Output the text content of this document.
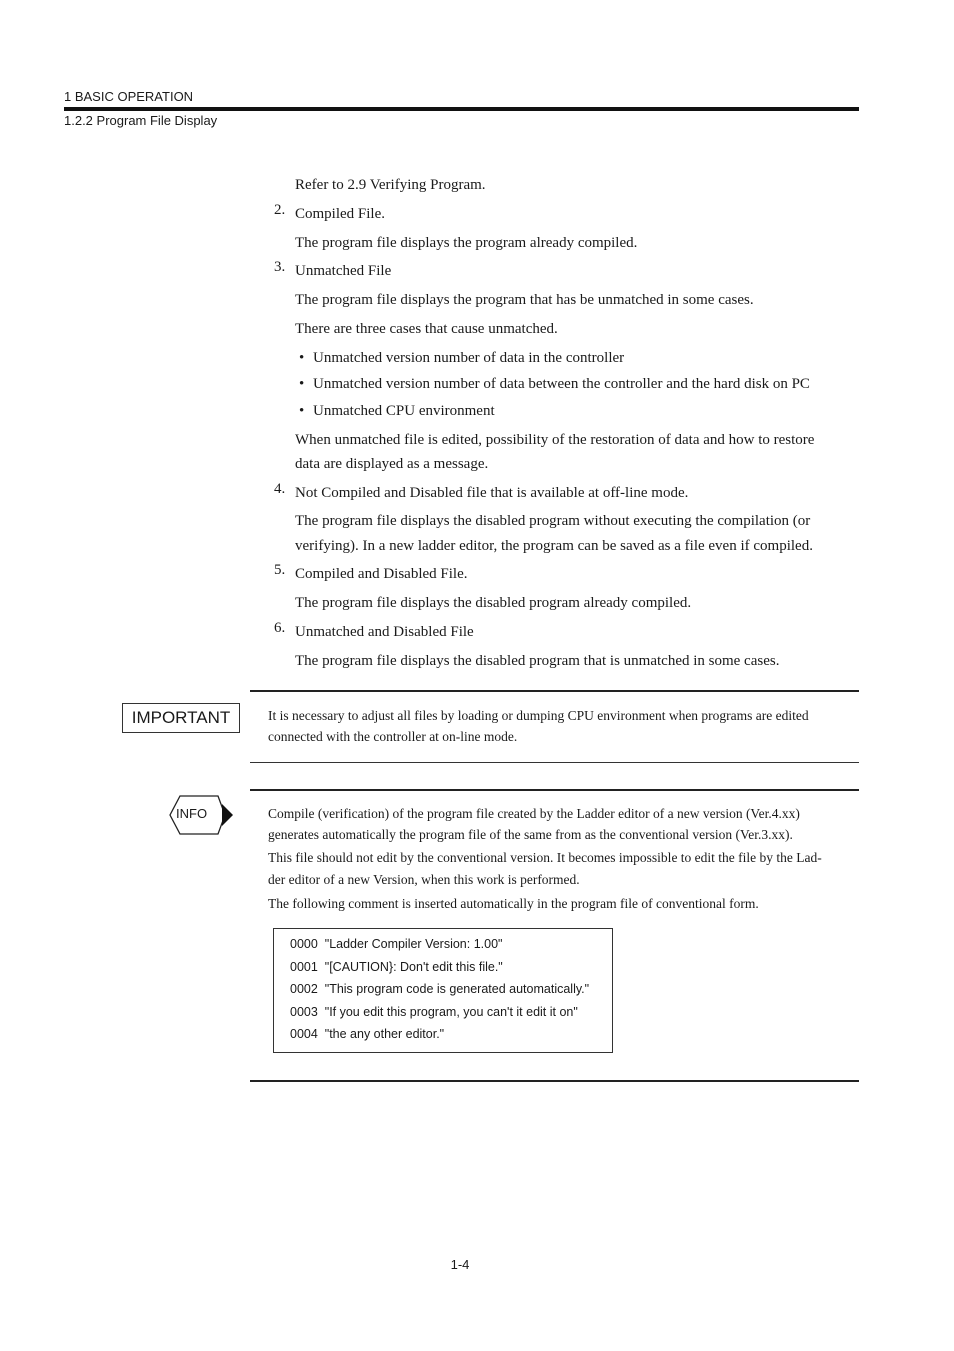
1 BASIC OPERATION
1.2.2 Program File Display
Refer to 2.9 Verifying Program.
2. Compiled File.
The program file displays the program already compiled.
3. Unmatched File
The program file displays the program that has be unmatched in some cases.
There are three cases that cause unmatched.
• Unmatched version number of data in the controller
• Unmatched version number of data between the controller and the hard disk on PC
• Unmatched CPU environment
When unmatched file is edited, possibility of the restoration of data and how to restore
data are displayed as a message.
4. Not Compiled and Disabled file that is available at off-line mode.
The program file displays the disabled program without executing the compilation (or
verifying). In a new ladder editor, the program can be saved as a file even if compiled.
5. Compiled and Disabled File.
The program file displays the disabled program already compiled.
6. Unmatched and Disabled File
The program file displays the disabled program that is unmatched in some cases.
IMPORTANT	It is necessary to adjust all files by loading or dumping CPU environment when programs are edited
connected with the controller at on-line mode.
INFO	Compile (verification) of the program file created by the Ladder editor of a new version (Ver.4.xx)
generates automatically the program file of the same from as the conventional version (Ver.3.xx).
This file should not edit by the conventional version. It becomes impossible to edit the file by the Lad-
der editor of a new Version, when this work is performed.
The following comment is inserted automatically in the program file of conventional form.
0000  "Ladder Compiler Version: 1.00"
0001  "[CAUTION}: Don't edit this file."
0002  "This program code is generated automatically."
0003  "If you edit this program, you can't it edit it on"
0004  "the any other editor."
1-4
